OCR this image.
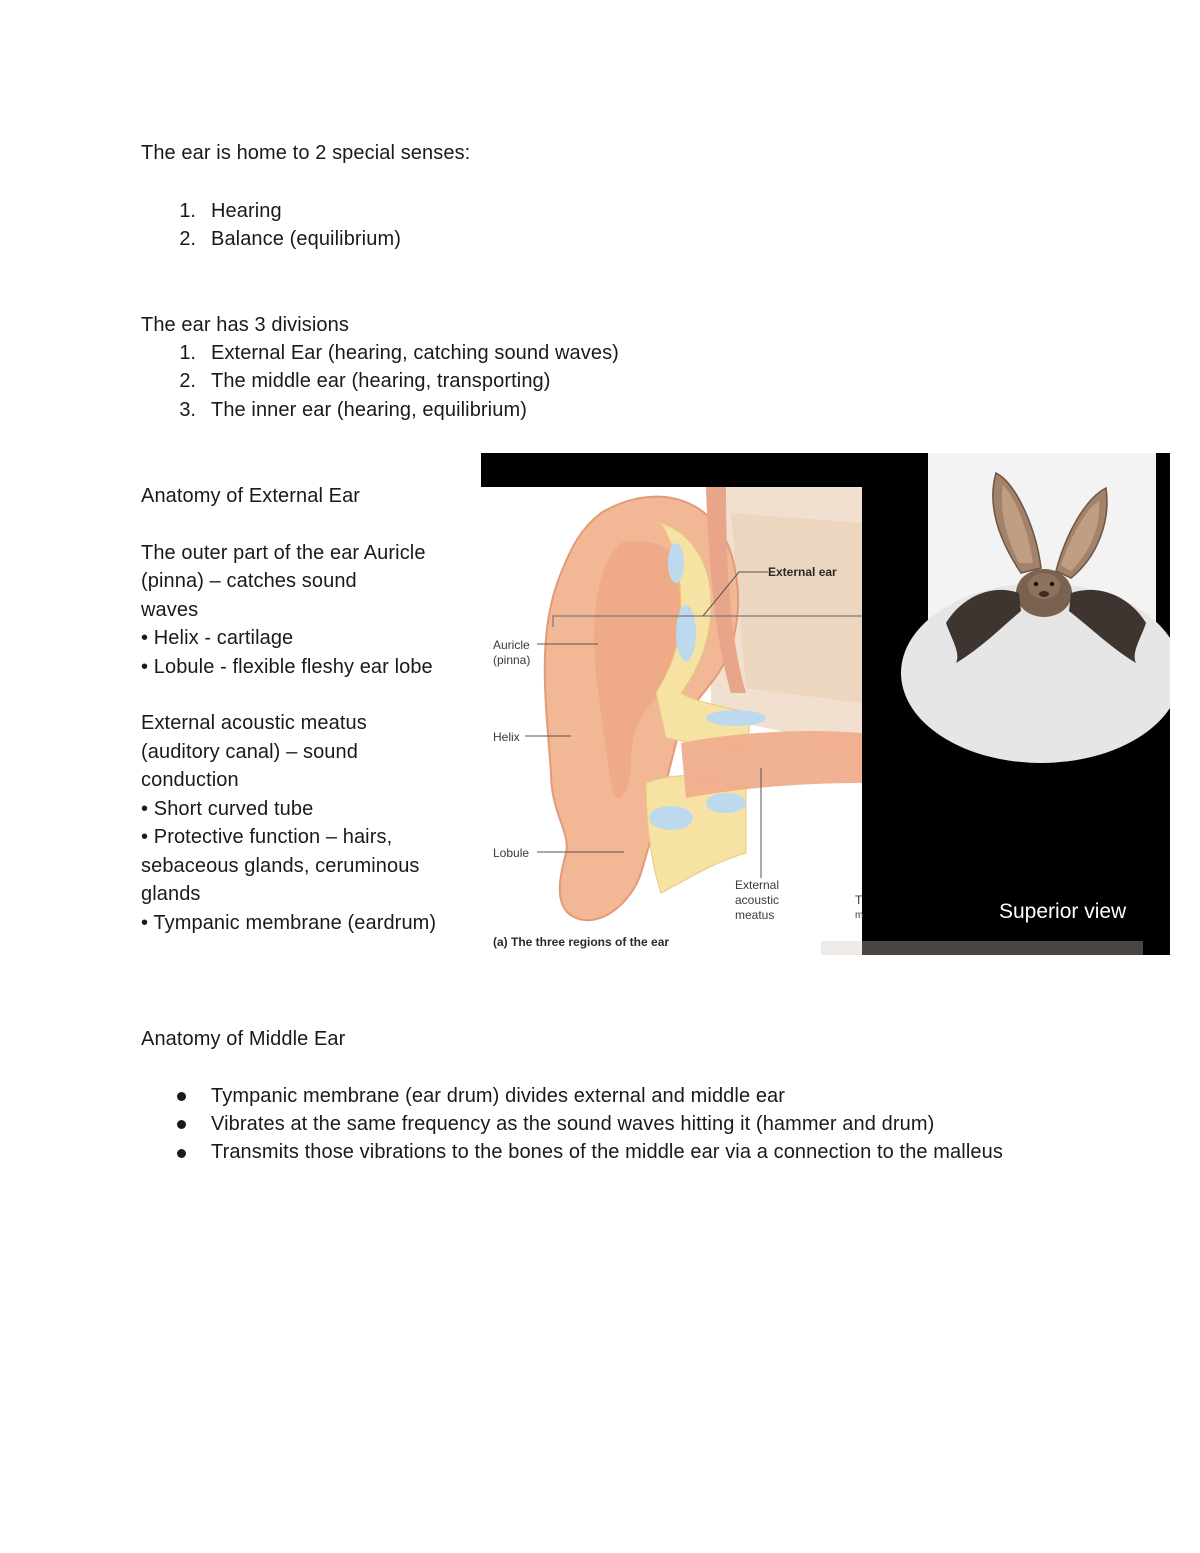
The ear is home to 2 special senses:
1. Hearing
2. Balance (equilibrium)
The ear has 3 divisions
1. External Ear (hearing, catching sound waves)
2. The middle ear (hearing, transporting)
3. The inner ear (hearing, equilibrium)
Anatomy of External Ear
The outer part of the ear Auricle
(pinna) – catches sound
waves
• Helix - cartilage
• Lobule - flexible fleshy ear lobe
External acoustic meatus
(auditory canal) – sound
conduction
• Short curved tube
• Protective function – hairs,
sebaceous glands, ceruminous
glands
• Tympanic membrane (eardrum)
External ear
Auricle
(pinna)
Helix
Lobule
External
acoustic
meatus
T
m
(a) The three regions of the ear
Superior view
Anatomy of Middle Ear
Tympanic membrane (ear drum) divides external and middle ear
Vibrates at the same frequency as the sound waves hitting it (hammer and drum)
Transmits those vibrations to the bones of the middle ear via a connection to the malleus
